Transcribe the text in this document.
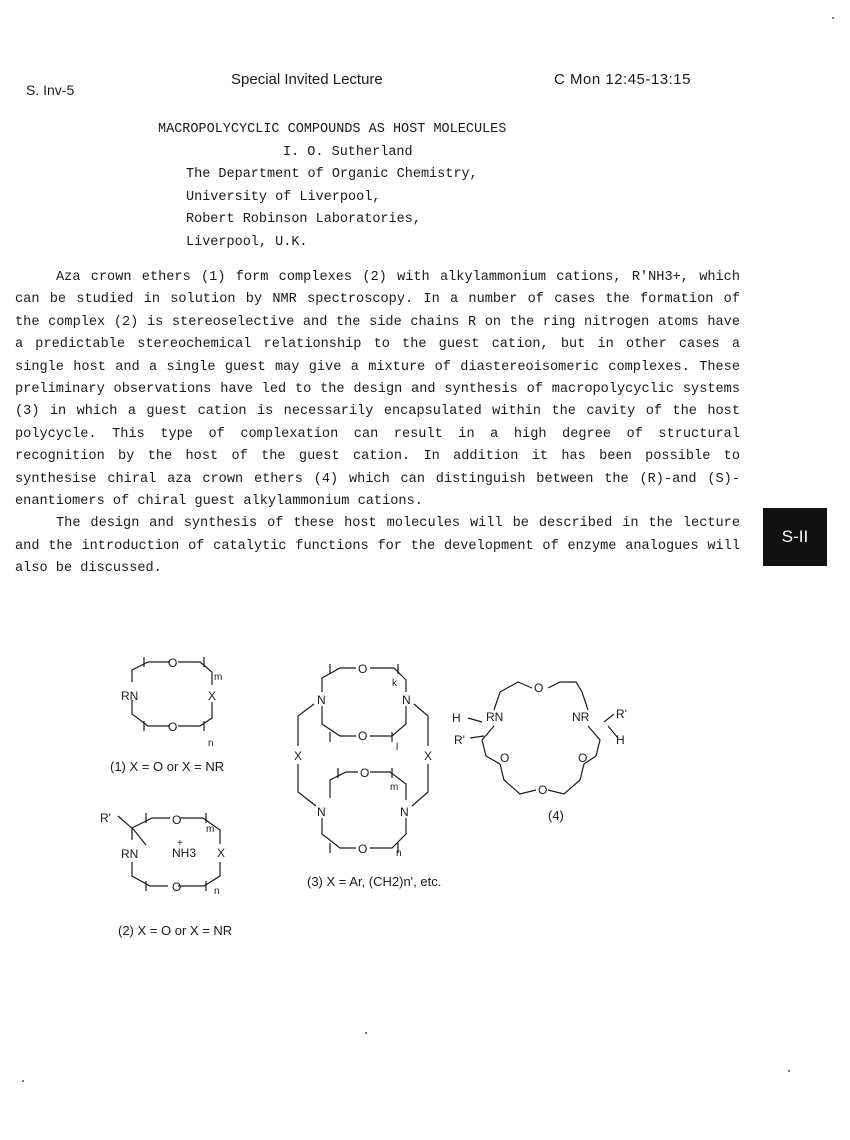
S. Inv-5
Special Invited Lecture	C Mon 12:45-13:15
MACROPOLYCYCLIC COMPOUNDS AS HOST MOLECULES
I. O. Sutherland
The Department of Organic Chemistry,
University of Liverpool,
Robert Robinson Laboratories,
Liverpool, U.K.

Aza crown ethers (1) form complexes (2) with alkylammonium cations, R'NH3+, which can be studied in solution by NMR spectroscopy. In a number of cases the formation of the complex (2) is stereoselective and the side chains R on the ring nitrogen atoms have a predictable stereochemical relationship to the guest cation, but in other cases a single host and a single guest may give a mixture of diastereoisomeric complexes. These preliminary observations have led to the design and synthesis of macropolycyclic systems (3) in which a guest cation is necessarily encapsulated within the cavity of the host polycycle. This type of complexation can result in a high degree of structural recognition by the host of the guest cation. In addition it has been possible to synthesise chiral aza crown ethers (4) which can distinguish between the (R)-and (S)-enantiomers of chiral guest alkylammonium cations.

The design and synthesis of these host molecules will be described in the lecture and the introduction of catalytic functions for the development of enzyme analogues will also be discussed.

S-II
RN	X
O
O
m
n
(1) X = O or X = NR
R'
RN	NH3
+
X
O
O
m
n
(2) X = O or X = NR
N	N
X	X
N	N
O
O
O
O
k
l
m
n
(3) X = Ar, (CH2)n', etc.
O
RN	NR
H
R'
R'
H
O
O
O
(4)
